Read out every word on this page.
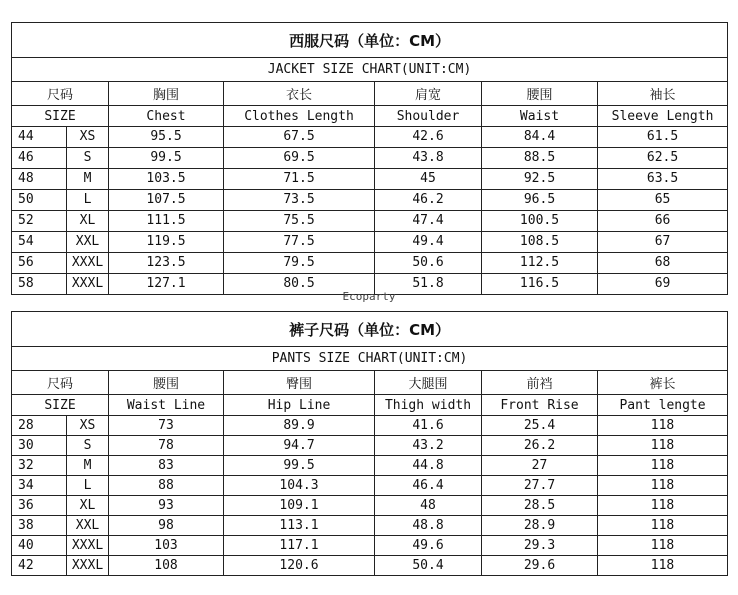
西服尺码（单位：CM）						
JACKET SIZE CHART(UNIT:CM)						
尺码		胸围	衣长	肩宽	腰围	袖长
SIZE		Chest	Clothes Length	Shoulder	Waist	Sleeve Length
44	XS	95.5	67.5	42.6	84.4	61.5
46	S	99.5	69.5	43.8	88.5	62.5
48	M	103.5	71.5	45	92.5	63.5
50	L	107.5	73.5	46.2	96.5	65
52	XL	111.5	75.5	47.4	100.5	66
54	XXL	119.5	77.5	49.4	108.5	67
56	XXXL	123.5	79.5	50.6	112.5	68
58	XXXL	127.1	80.5	51.8	116.5	69
Ecoparty
裤子尺码（单位：CM）						
PANTS SIZE CHART(UNIT:CM)						
尺码		腰围	臀围	大腿围	前裆	裤长
SIZE		Waist Line	Hip Line	Thigh width	Front Rise	Pant lengte
28	XS	73	89.9	41.6	25.4	118
30	S	78	94.7	43.2	26.2	118
32	M	83	99.5	44.8	27	118
34	L	88	104.3	46.4	27.7	118
36	XL	93	109.1	48	28.5	118
38	XXL	98	113.1	48.8	28.9	118
40	XXXL	103	117.1	49.6	29.3	118
42	XXXL	108	120.6	50.4	29.6	118
